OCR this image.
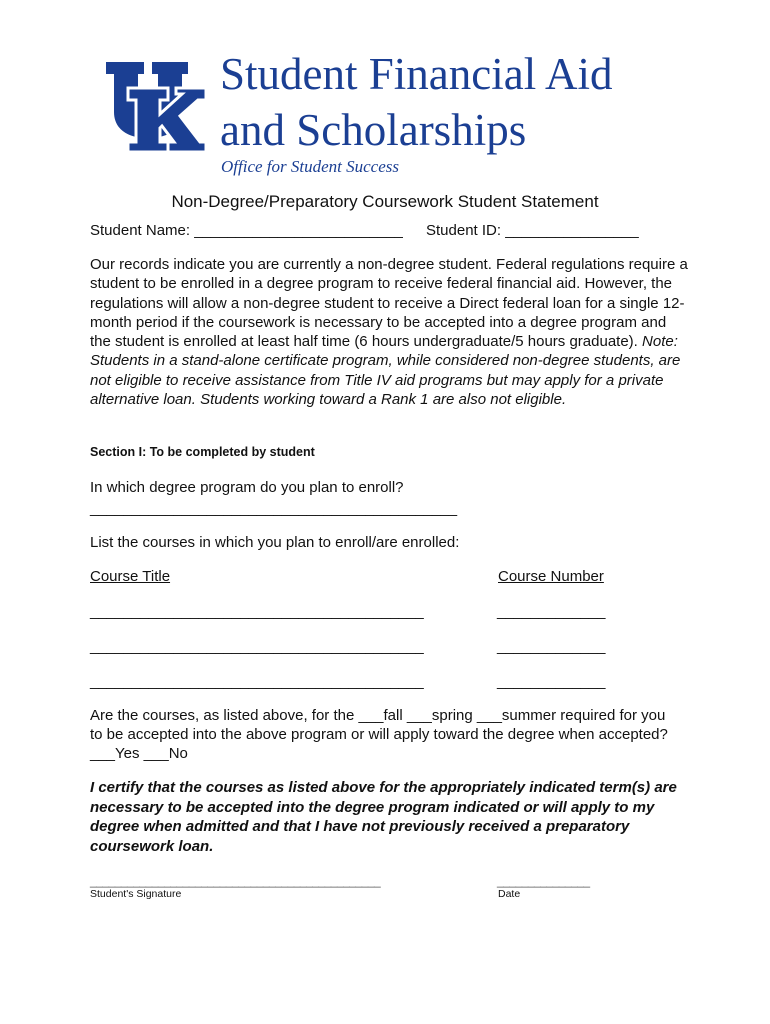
Student Financial Aid
and Scholarships
Office for Student Success
Non-Degree/Preparatory Coursework Student Statement
Student Name: _________________________ Student ID: ________________
Our records indicate you are currently a non-degree student. Federal regulations require a student to be enrolled in a degree program to receive federal financial aid. However, the regulations will allow a non-degree student to receive a Direct federal loan for a single 12-month period if the coursework is necessary to be accepted into a degree program and the student is enrolled at least half time (6 hours undergraduate/5 hours graduate). Note: Students in a stand-alone certificate program, while considered non-degree students, are not eligible to receive assistance from Title IV aid programs but may apply for a private alternative loan. Students working toward a Rank 1 are also not eligible.
Section I: To be completed by student
In which degree program do you plan to enroll?
____________________________________________
List the courses in which you plan to enroll/are enrolled:
Course Title	Course Number
________________________________________	_____________
________________________________________	_____________
________________________________________	_____________
Are the courses, as listed above, for the ___fall ___spring ___summer required for you
to be accepted into the above program or will apply toward the degree when accepted?
___Yes ___No
I certify that the courses as listed above for the appropriately indicated term(s) are necessary to be accepted into the degree program indicated or will apply to my degree when admitted and that I have not previously received a preparatory coursework loan.
_______________________________________________	_______________
Student's Signature	Date
